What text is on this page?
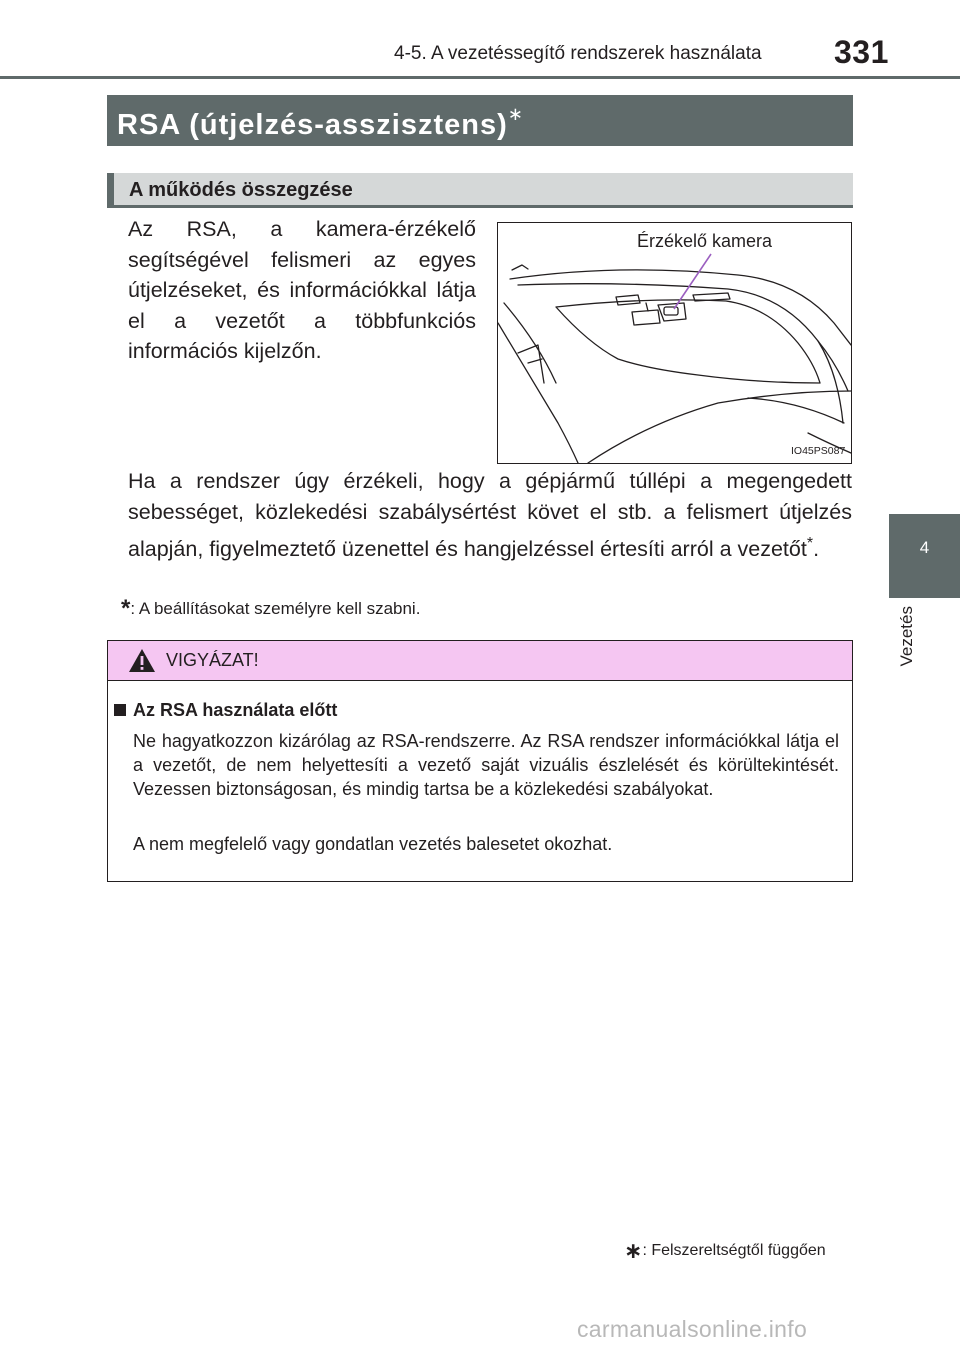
4-5. A vezetéssegítő rendszerek használata 331
4
Vezetés
RSA (útjelzés-asszisztens)∗
A működés összegzése
Az RSA, a kamera-érzékelő segítségével felismeri az egyes útjelzéseket, és információkkal látja el a vezetőt a többfunkciós információs kijelzőn.
Érzékelő kamera
IO45PS087
Ha a rendszer úgy érzékeli, hogy a gépjármű túllépi a megengedett sebességet, közlekedési szabálysértést követ el stb. a felismert útjelzés alapján, figyelmeztető üzenettel és hangjelzéssel értesíti arról a vezetőt*.
*: A beállításokat személyre kell szabni.
VIGYÁZAT!
Az RSA használata előtt
Ne hagyatkozzon kizárólag az RSA-rendszerre. Az RSA rendszer információkkal látja el a vezetőt, de nem helyettesíti a vezető saját vizuális észlelését és körültekintését. Vezessen biztonságosan, és mindig tartsa be a közlekedési szabályokat.
A nem megfelelő vagy gondatlan vezetés balesetet okozhat.
∗: Felszereltségtől függően
carmanualsonline.info
